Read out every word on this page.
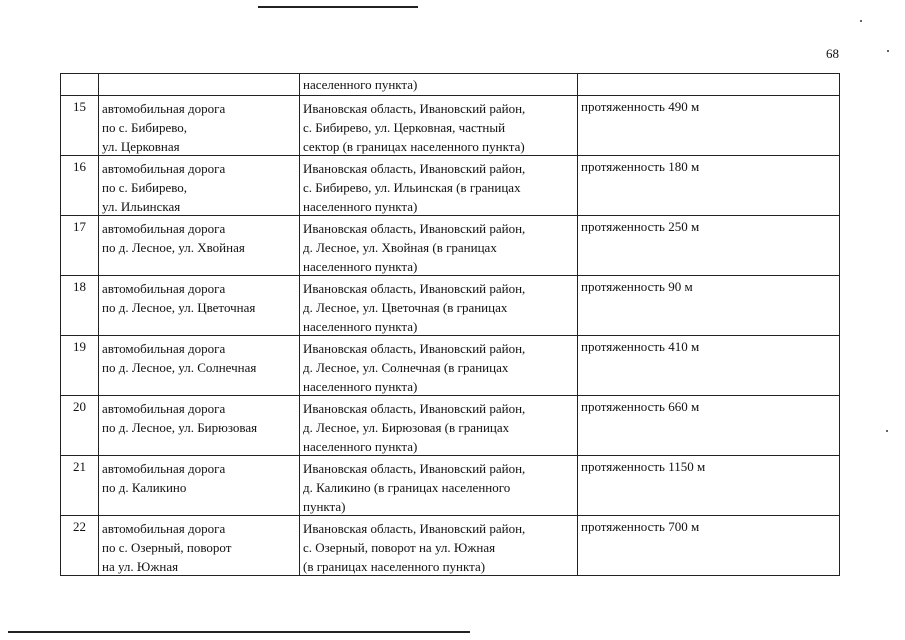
68

		населенного пункта)	

15	автомобильная дорога
по с. Бибирево,
ул. Церковная	Ивановская область, Ивановский район,
с. Бибирево, ул. Церковная, частный
сектор (в границах населенного пункта)	протяженность 490 м

16	автомобильная дорога
по с. Бибирево,
ул. Ильинская	Ивановская область, Ивановский район,
с. Бибирево, ул. Ильинская (в границах
населенного пункта)	протяженность 180 м

17	автомобильная дорога
по д. Лесное, ул. Хвойная	Ивановская область, Ивановский район,
д. Лесное, ул. Хвойная (в границах
населенного пункта)	протяженность 250 м

18	автомобильная дорога
по д. Лесное, ул. Цветочная	Ивановская область, Ивановский район,
д. Лесное, ул. Цветочная (в границах
населенного пункта)	протяженность 90 м

19	автомобильная дорога
по д. Лесное, ул. Солнечная	Ивановская область, Ивановский район,
д. Лесное, ул. Солнечная (в границах
населенного пункта)	протяженность 410 м

20	автомобильная дорога
по д. Лесное, ул. Бирюзовая	Ивановская область, Ивановский район,
д. Лесное, ул. Бирюзовая (в границах
населенного пункта)	протяженность 660 м

21	автомобильная дорога
по д. Каликино	Ивановская область, Ивановский район,
д. Каликино (в границах населенного
пункта)	протяженность 1150 м

22	автомобильная дорога
по с. Озерный, поворот
на ул. Южная	Ивановская область, Ивановский район,
с. Озерный, поворот на ул. Южная
(в границах населенного пункта)	протяженность 700 м
